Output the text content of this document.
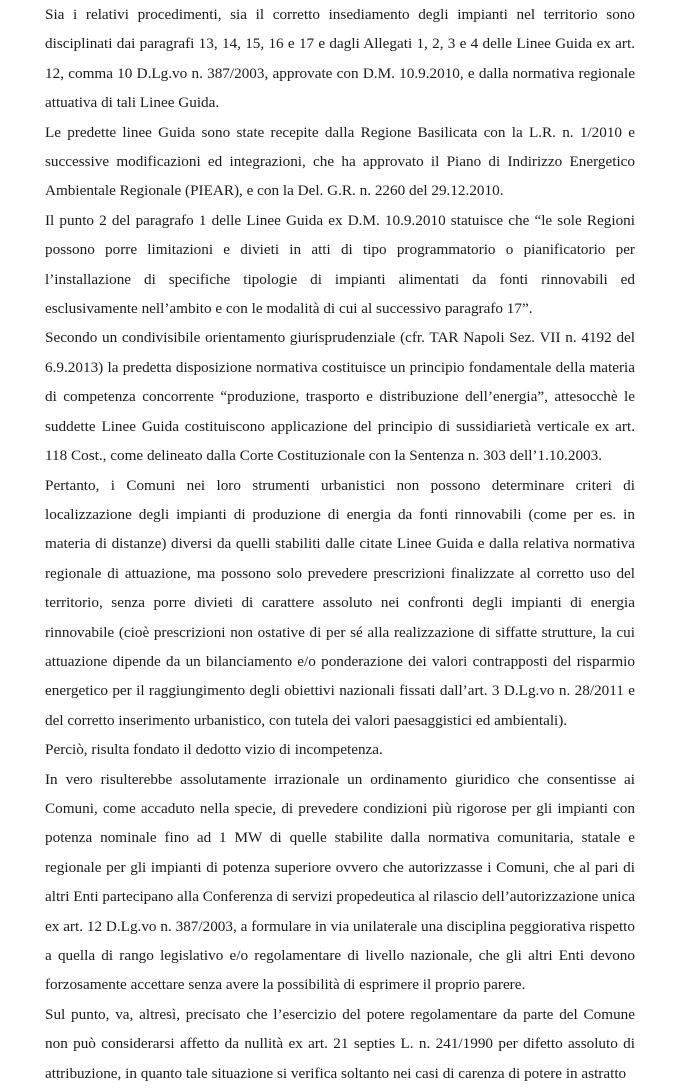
Sia i relativi procedimenti, sia il corretto insediamento degli impianti nel territorio sono disciplinati dai paragrafi 13, 14, 15, 16 e 17 e dagli Allegati 1, 2, 3 e 4 delle Linee Guida ex art. 12, comma 10 D.Lg.vo n. 387/2003, approvate con D.M. 10.9.2010, e dalla normativa regionale attuativa di tali Linee Guida.

Le predette linee Guida sono state recepite dalla Regione Basilicata con la L.R. n. 1/2010 e successive modificazioni ed integrazioni, che ha approvato il Piano di Indirizzo Energetico Ambientale Regionale (PIEAR), e con la Del. G.R. n. 2260 del 29.12.2010.

Il punto 2 del paragrafo 1 delle Linee Guida ex D.M. 10.9.2010 statuisce che “le sole Regioni possono porre limitazioni e divieti in atti di tipo programmatorio o pianificatorio per l’installazione di specifiche tipologie di impianti alimentati da fonti rinnovabili ed esclusivamente nell’ambito e con le modalità di cui al successivo paragrafo 17”.

Secondo un condivisibile orientamento giurisprudenziale (cfr. TAR Napoli Sez. VII n. 4192 del 6.9.2013) la predetta disposizione normativa costituisce un principio fondamentale della materia di competenza concorrente “produzione, trasporto e distribuzione dell’energia”, attesocchè le suddette Linee Guida costituiscono applicazione del principio di sussidiarietà verticale ex art. 118 Cost., come delineato dalla Corte Costituzionale con la Sentenza n. 303 dell’1.10.2003.

Pertanto, i Comuni nei loro strumenti urbanistici non possono determinare criteri di localizzazione degli impianti di produzione di energia da fonti rinnovabili (come per es. in materia di distanze) diversi da quelli stabiliti dalle citate Linee Guida e dalla relativa normativa regionale di attuazione, ma possono solo prevedere prescrizioni finalizzate al corretto uso del territorio, senza porre divieti di carattere assoluto nei confronti degli impianti di energia rinnovabile (cioè prescrizioni non ostative di per sé alla realizzazione di siffatte strutture, la cui attuazione dipende da un bilanciamento e/o ponderazione dei valori contrapposti del risparmio energetico per il raggiungimento degli obiettivi nazionali fissati dall’art. 3 D.Lg.vo n. 28/2011 e del corretto inserimento urbanistico, con tutela dei valori paesaggistici ed ambientali).

Perciò, risulta fondato il dedotto vizio di incompetenza.

In vero risulterebbe assolutamente irrazionale un ordinamento giuridico che consentisse ai Comuni, come accaduto nella specie, di prevedere condizioni più rigorose per gli impianti con potenza nominale fino ad 1 MW di quelle stabilite dalla normativa comunitaria, statale e regionale per gli impianti di potenza superiore ovvero che autorizzasse i Comuni, che al pari di altri Enti partecipano alla Conferenza di servizi propedeutica al rilascio dell’autorizzazione unica ex art. 12 D.Lg.vo n. 387/2003, a formulare in via unilaterale una disciplina peggiorativa rispetto a quella di rango legislativo e/o regolamentare di livello nazionale, che gli altri Enti devono forzosamente accettare senza avere la possibilità di esprimere il proprio parere.

Sul punto, va, altresì, precisato che l’esercizio del potere regolamentare da parte del Comune non può considerarsi affetto da nullità ex art. 21 septies L. n. 241/1990 per difetto assoluto di attribuzione, in quanto tale situazione si verifica soltanto nei casi di carenza di potere in astratto
